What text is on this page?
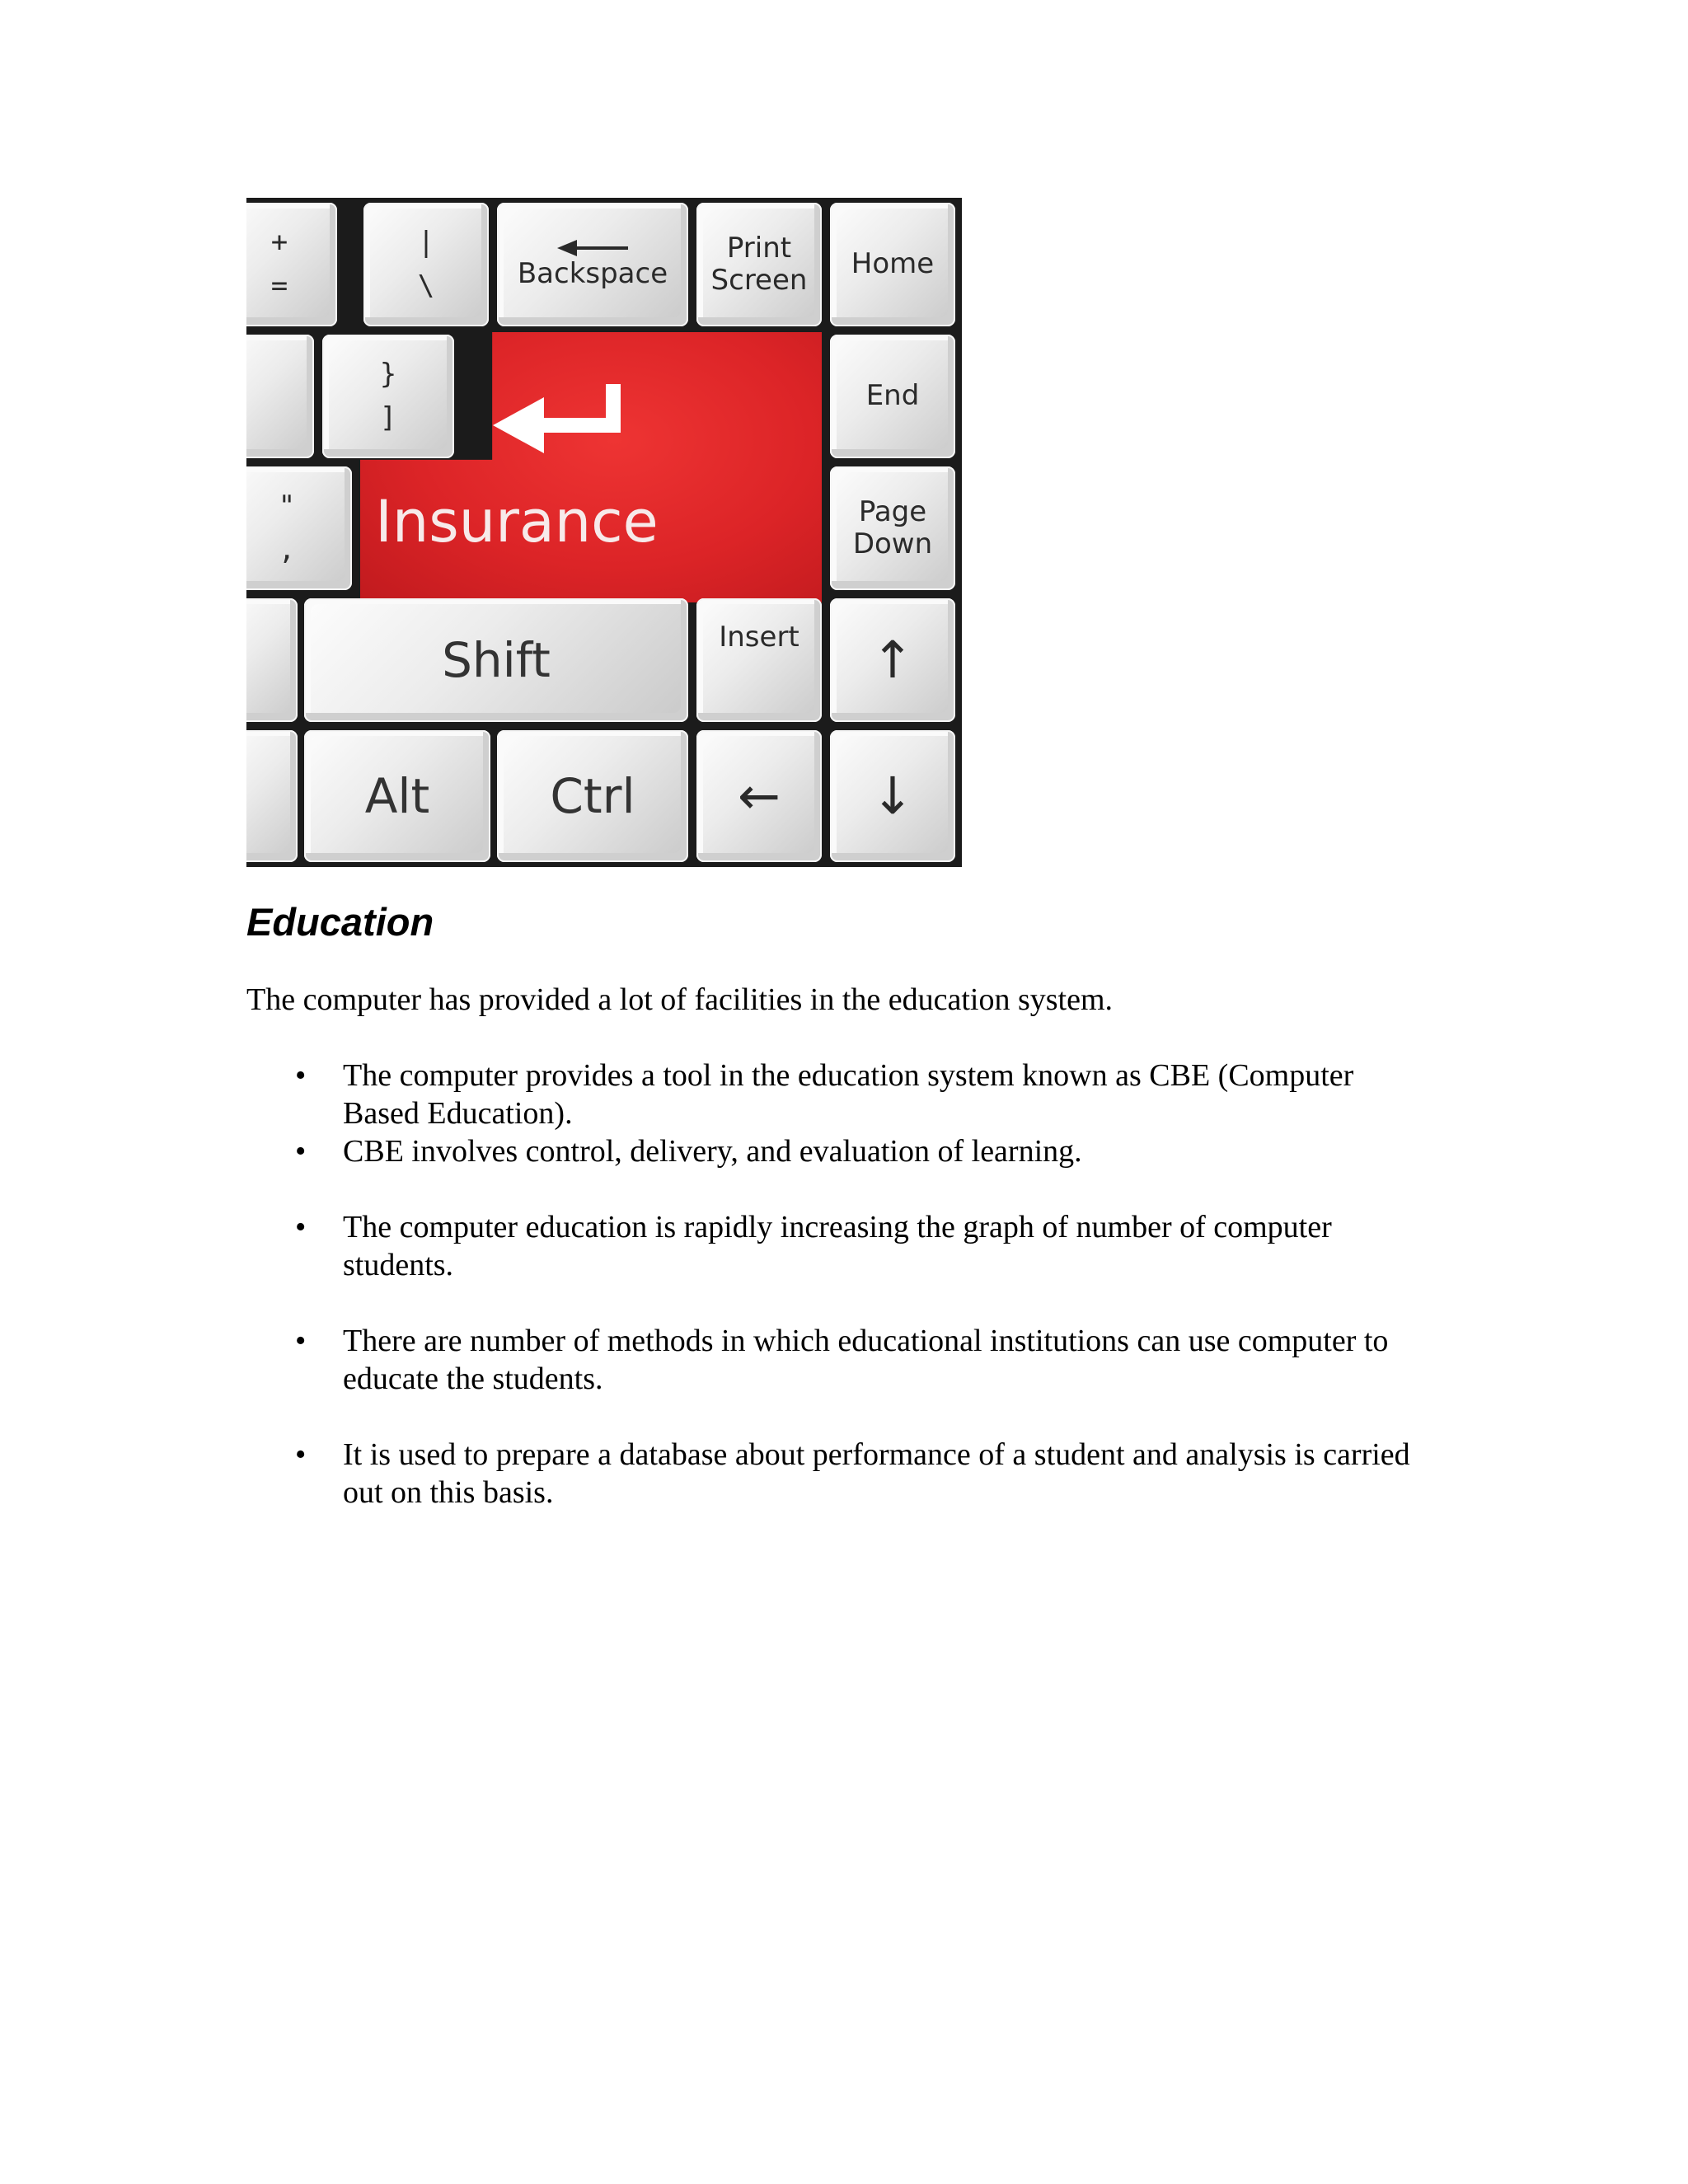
+
=
|
\	Backspace
Print
Screen Home
}
]
End
"
,
Page
Down
Insurance
Shift	Insert ↑
Alt	Ctrl ← ↓
Education

The computer has provided a lot of facilities in the education system.

• The computer provides a tool in the education system known as CBE (Computer Based Education).
• CBE involves control, delivery, and evaluation of learning.
• The computer education is rapidly increasing the graph of number of computer students.
• There are number of methods in which educational institutions can use computer to educate the students.
• It is used to prepare a database about performance of a student and analysis is carried out on this basis.
